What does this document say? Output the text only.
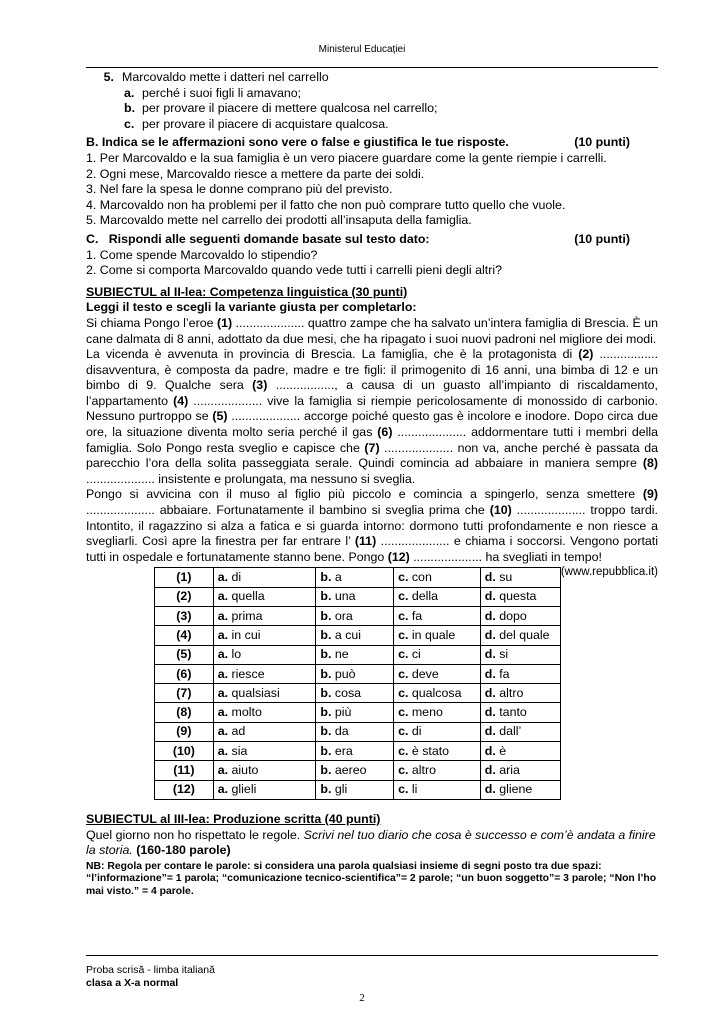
Ministerul Educației
5. Marcovaldo mette i datteri nel carrello
a. perché i suoi figli li amavano;
b. per provare il piacere di mettere qualcosa nel carrello;
c. per provare il piacere di acquistare qualcosa.
B. Indica se le affermazioni sono vere o false e giustifica le tue risposte.	(10 punti)
1. Per Marcovaldo e la sua famiglia è un vero piacere guardare come la gente riempie i carrelli.
2. Ogni mese, Marcovaldo riesce a mettere da parte dei soldi.
3. Nel fare la spesa le donne comprano più del previsto.
4. Marcovaldo non ha problemi per il fatto che non può comprare tutto quello che vuole.
5. Marcovaldo mette nel carrello dei prodotti all’insaputa della famiglia.
C.   Rispondi alle seguenti domande basate sul testo dato:	(10 punti)
1. Come spende Marcovaldo lo stipendio?
2. Come si comporta Marcovaldo quando vede tutti i carrelli pieni degli altri?
SUBIECTUL al II-lea: Competenza linguistica (30 punti)
Leggi il testo e scegli la variante giusta per completarlo:
Si chiama Pongo l’eroe (1) .................... quattro zampe che ha salvato un’intera famiglia di Brescia. È un cane dalmata di 8 anni, adottato da due mesi, che ha ripagato i suoi nuovi padroni nel migliore dei modi.
La vicenda è avvenuta in provincia di Brescia. La famiglia, che è la protagonista di (2) ................. disavventura, è composta da padre, madre e tre figli: il primogenito di 16 anni, una bimba di 12 e un bimbo di 9. Qualche sera (3) ................., a causa di un guasto all’impianto di riscaldamento, l’appartamento (4) .................... vive la famiglia si riempie pericolosamente di monossido di carbonio. Nessuno purtroppo se (5) .................... accorge poiché questo gas è incolore e inodore. Dopo circa due ore, la situazione diventa molto seria perché il gas (6) .................... addormentare tutti i membri della famiglia. Solo Pongo resta sveglio e capisce che (7) .................... non va, anche perché è passata da parecchio l’ora della solita passeggiata serale. Quindi comincia ad abbaiare in maniera sempre (8) .................... insistente e prolungata, ma nessuno si sveglia.
Pongo si avvicina con il muso al figlio più piccolo e comincia a spingerlo, senza smettere (9) .................... abbaiare. Fortunatamente il bambino si sveglia prima che (10) .................... troppo tardi. Intontito, il ragazzino si alza a fatica e si guarda intorno: dormono tutti profondamente e non riesce a svegliarli. Così apre la finestra per far entrare l’ (11) .................... e chiama i soccorsi. Vengono portati tutti in ospedale e fortunatamente stanno bene. Pongo (12) .................... ha svegliati in tempo!
(www.repubblica.it)
(1)	a. di	b. a	c. con	d. su
(2)	a. quella	b. una	c. della	d. questa
(3)	a. prima	b. ora	c. fa	d. dopo
(4)	a. in cui	b. a cui	c. in quale	d. del quale
(5)	a. lo	b. ne	c. ci	d. si
(6)	a. riesce	b. può	c. deve	d. fa
(7)	a. qualsiasi	b. cosa	c. qualcosa	d. altro
(8)	a. molto	b. più	c. meno	d. tanto
(9)	a. ad	b. da	c. di	d. dall’
(10)	a. sia	b. era	c. è stato	d. è
(11)	a. aiuto	b. aereo	c. altro	d. aria
(12)	a. glieli	b. gli	c. li	d. gliene
SUBIECTUL al III-lea: Produzione scritta (40 punti)
Quel giorno non ho rispettato le regole. Scrivi nel tuo diario che cosa è successo e com’è andata a finire la storia. (160-180 parole)
NB: Regola per contare le parole: si considera una parola qualsiasi insieme di segni posto tra due spazi: “l’informazione”= 1 parola; “comunicazione tecnico-scientifica”= 2 parole; “un buon soggetto”= 3 parole; “Non l’ho mai visto.” = 4 parole.
Proba scrisă - limba italiană
clasa a X-a normal
2
